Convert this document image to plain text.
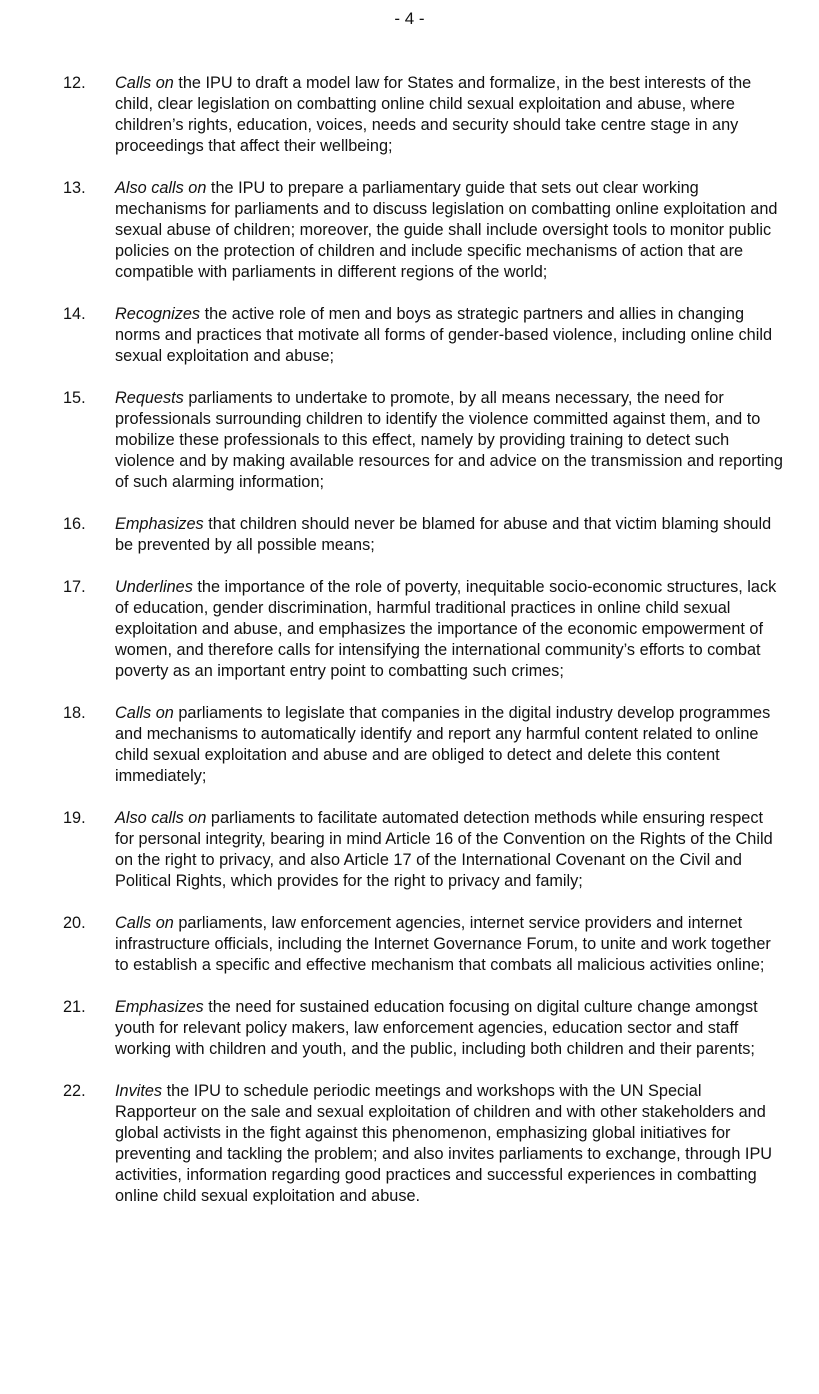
- 4 -
12. Calls on the IPU to draft a model law for States and formalize, in the best interests of the child, clear legislation on combatting online child sexual exploitation and abuse, where children’s rights, education, voices, needs and security should take centre stage in any proceedings that affect their wellbeing;
13. Also calls on the IPU to prepare a parliamentary guide that sets out clear working mechanisms for parliaments and to discuss legislation on combatting online exploitation and sexual abuse of children; moreover, the guide shall include oversight tools to monitor public policies on the protection of children and include specific mechanisms of action that are compatible with parliaments in different regions of the world;
14. Recognizes the active role of men and boys as strategic partners and allies in changing norms and practices that motivate all forms of gender-based violence, including online child sexual exploitation and abuse;
15. Requests parliaments to undertake to promote, by all means necessary, the need for professionals surrounding children to identify the violence committed against them, and to mobilize these professionals to this effect, namely by providing training to detect such violence and by making available resources for and advice on the transmission and reporting of such alarming information;
16. Emphasizes that children should never be blamed for abuse and that victim blaming should be prevented by all possible means;
17. Underlines the importance of the role of poverty, inequitable socio-economic structures, lack of education, gender discrimination, harmful traditional practices in online child sexual exploitation and abuse, and emphasizes the importance of the economic empowerment of women, and therefore calls for intensifying the international community’s efforts to combat poverty as an important entry point to combatting such crimes;
18. Calls on parliaments to legislate that companies in the digital industry develop programmes and mechanisms to automatically identify and report any harmful content related to online child sexual exploitation and abuse and are obliged to detect and delete this content immediately;
19. Also calls on parliaments to facilitate automated detection methods while ensuring respect for personal integrity, bearing in mind Article 16 of the Convention on the Rights of the Child on the right to privacy, and also Article 17 of the International Covenant on the Civil and Political Rights, which provides for the right to privacy and family;
20. Calls on parliaments, law enforcement agencies, internet service providers and internet infrastructure officials, including the Internet Governance Forum, to unite and work together to establish a specific and effective mechanism that combats all malicious activities online;
21. Emphasizes the need for sustained education focusing on digital culture change amongst youth for relevant policy makers, law enforcement agencies, education sector and staff working with children and youth, and the public, including both children and their parents;
22. Invites the IPU to schedule periodic meetings and workshops with the UN Special Rapporteur on the sale and sexual exploitation of children and with other stakeholders and global activists in the fight against this phenomenon, emphasizing global initiatives for preventing and tackling the problem; and also invites parliaments to exchange, through IPU activities, information regarding good practices and successful experiences in combatting online child sexual exploitation and abuse.
